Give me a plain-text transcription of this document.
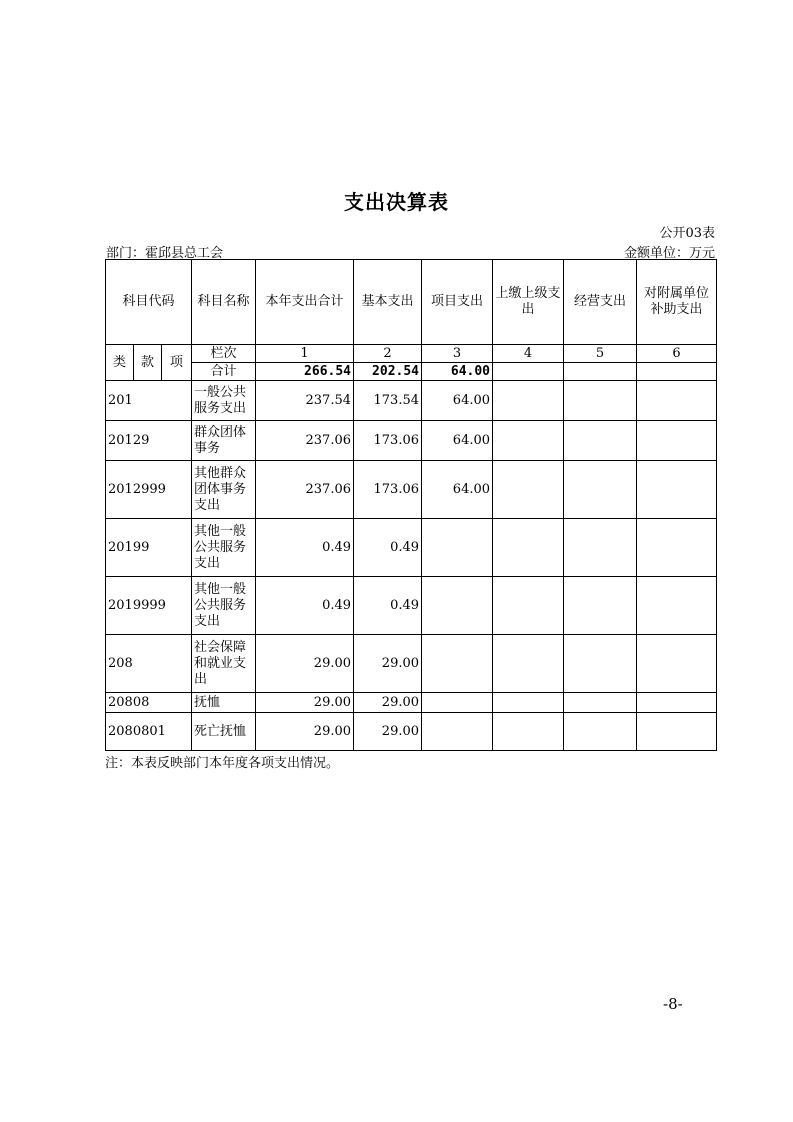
支出决算表
公开03表
部门：霍邱县总工会	金额单位：万元
科目代码			科目名称	本年支出合计	基本支出	项目支出	上缴上级支出	经营支出	对附属单位补助支出
类	款	项	栏次	1	2	3	4	5	6
			合计	266.54	202.54	64.00			
201			一般公共服务支出	237.54	173.54	64.00			
20129			群众团体事务	237.06	173.06	64.00			
2012999			其他群众团体事务支出	237.06	173.06	64.00			
20199			其他一般公共服务支出	0.49	0.49				
2019999			其他一般公共服务支出	0.49	0.49				
208			社会保障和就业支出	29.00	29.00				
20808			抚恤	29.00	29.00				
2080801			死亡抚恤	29.00	29.00				
注：本表反映部门本年度各项支出情况。
-8-
